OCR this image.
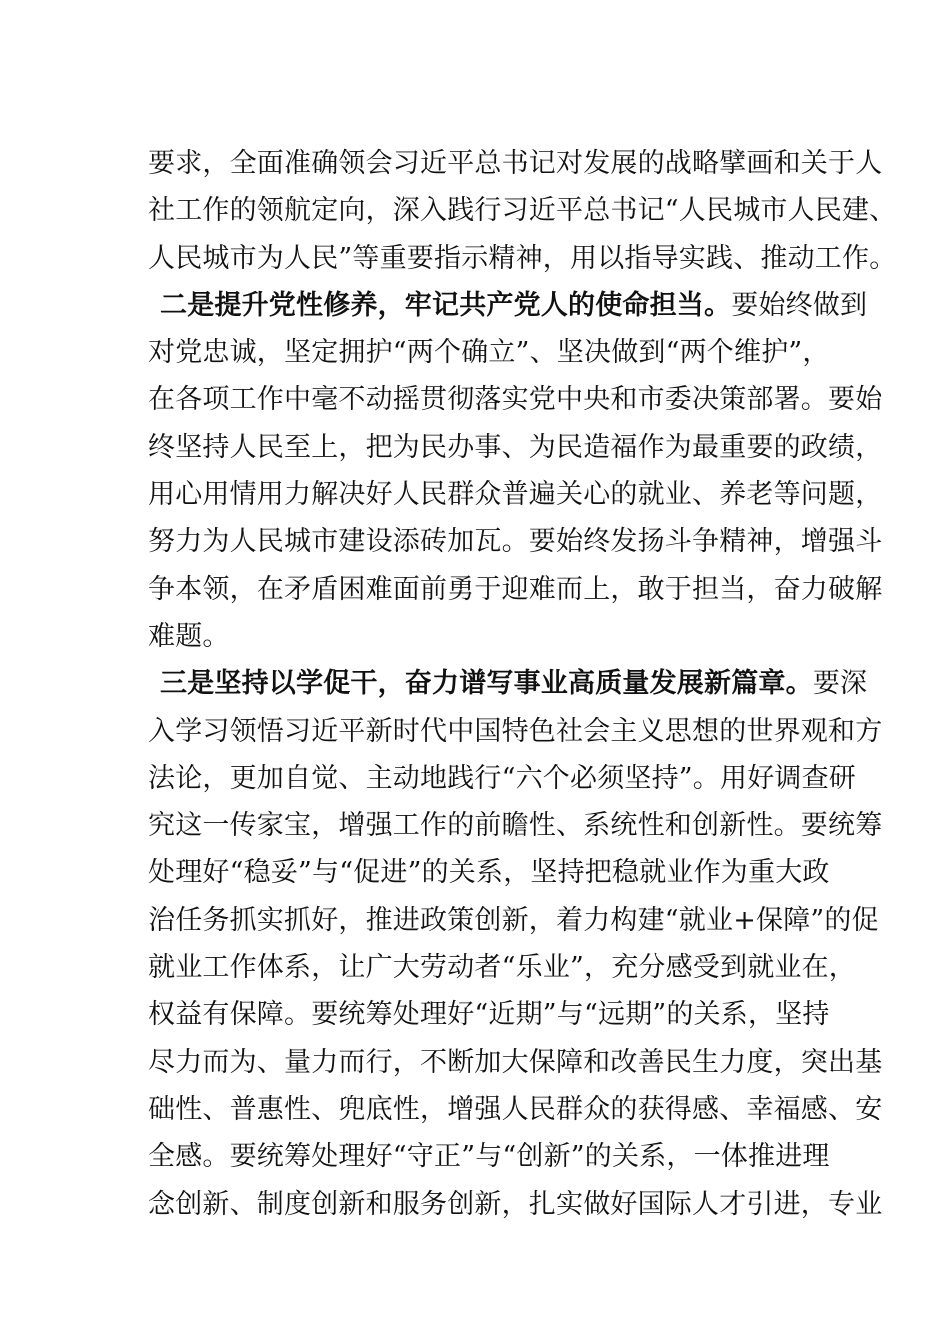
要求，全面准确领会习近平总书记对发展的战略擘画和关于人
社工作的领航定向，深入践行习近平总书记“人民城市人民建、
人民城市为人民”等重要指示精神，用以指导实践、推动工作。
二是提升党性修养，牢记共产党人的使命担当。要始终做到
对党忠诚，坚定拥护“两个确立”、坚决做到“两个维护”，
在各项工作中毫不动摇贯彻落实党中央和市委决策部署。要始
终坚持人民至上，把为民办事、为民造福作为最重要的政绩，
用心用情用力解决好人民群众普遍关心的就业、养老等问题，
努力为人民城市建设添砖加瓦。要始终发扬斗争精神，增强斗
争本领，在矛盾困难面前勇于迎难而上，敢于担当，奋力破解
难题。
三是坚持以学促干，奋力谱写事业高质量发展新篇章。要深
入学习领悟习近平新时代中国特色社会主义思想的世界观和方
法论，更加自觉、主动地践行“六个必须坚持”。用好调查研
究这一传家宝，增强工作的前瞻性、系统性和创新性。要统筹
处理好“稳妥”与“促进”的关系，坚持把稳就业作为重大政
治任务抓实抓好，推进政策创新，着力构建“就业+保障”的促
就业工作体系，让广大劳动者“乐业”，充分感受到就业在，
权益有保障。要统筹处理好“近期”与“远期”的关系，坚持
尽力而为、量力而行，不断加大保障和改善民生力度，突出基
础性、普惠性、兜底性，增强人民群众的获得感、幸福感、安
全感。要统筹处理好“守正”与“创新”的关系，一体推进理
念创新、制度创新和服务创新，扎实做好国际人才引进，专业
